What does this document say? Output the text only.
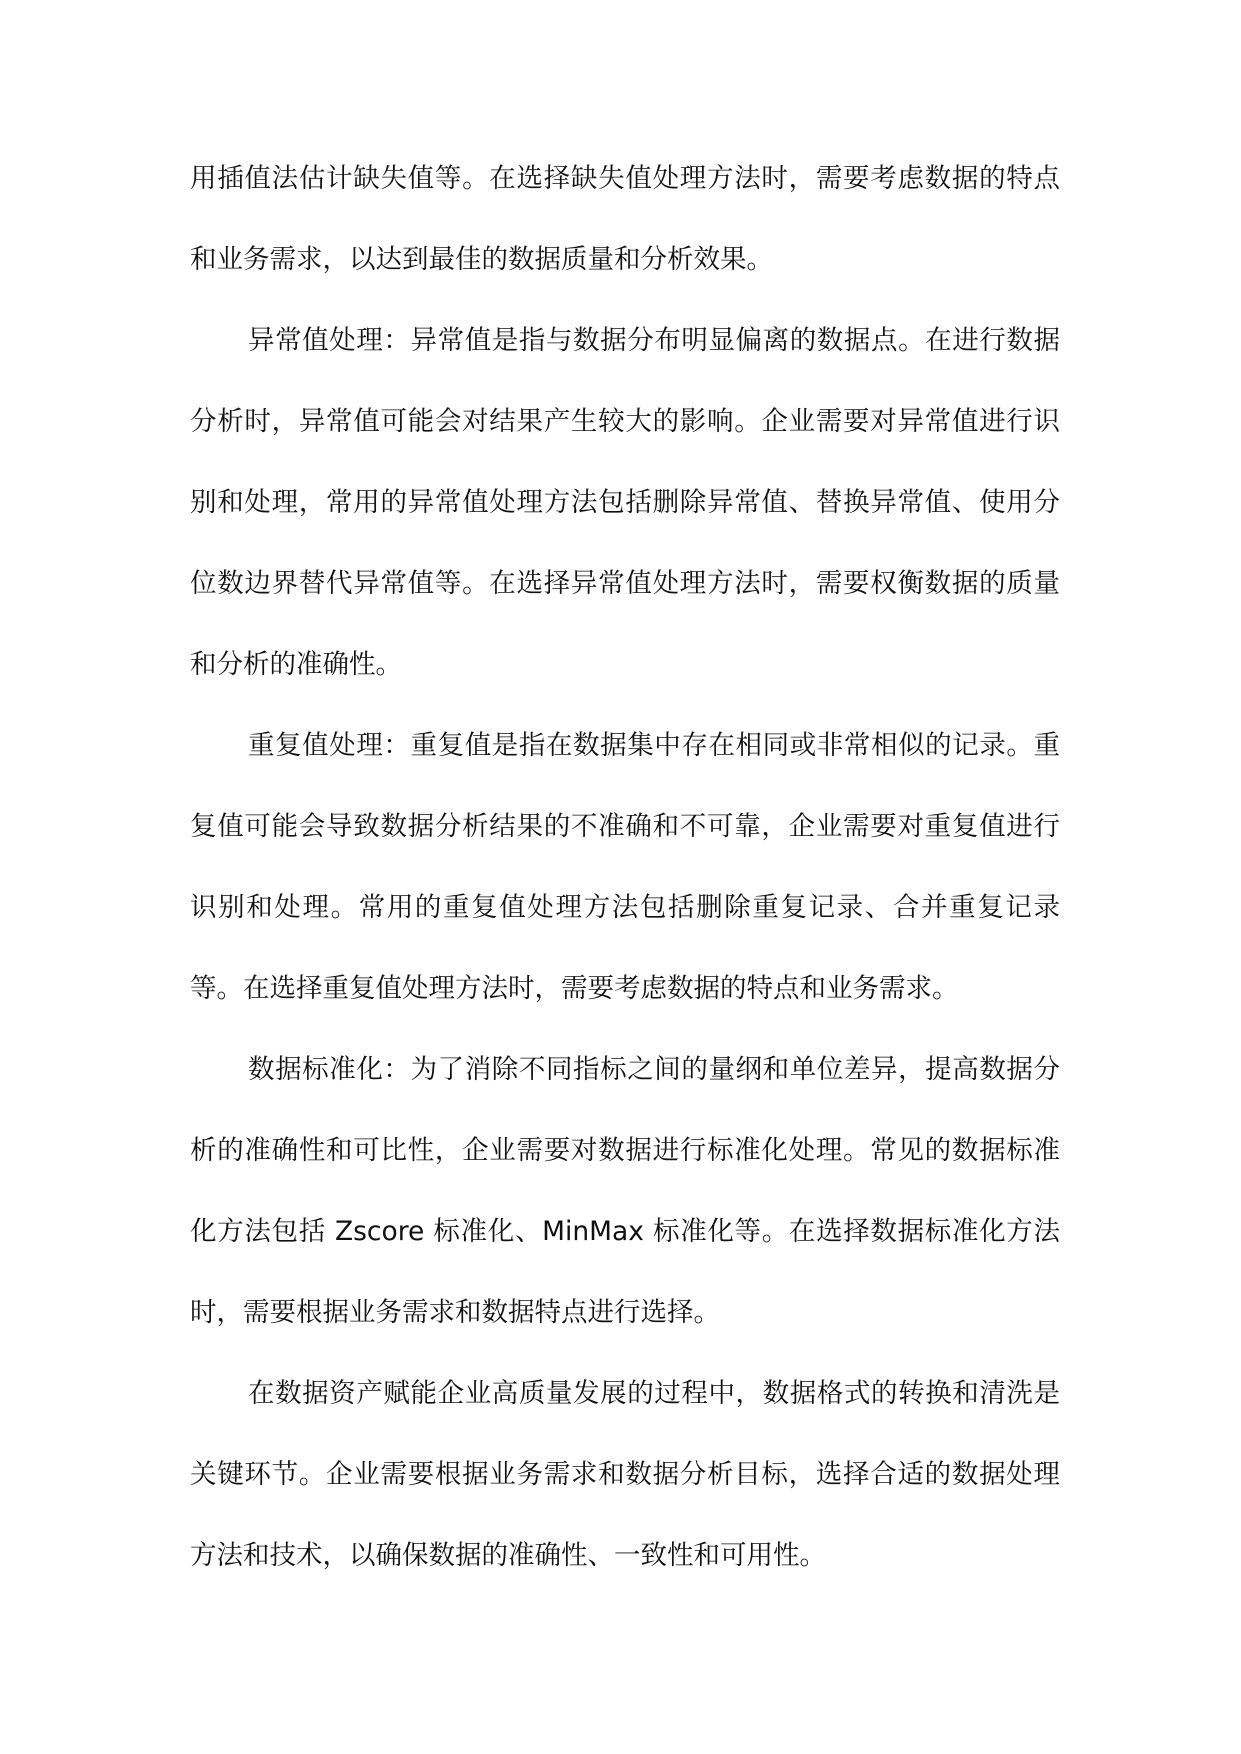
用插值法估计缺失值等。在选择缺失值处理方法时，需要考虑数据的特点和业务需求，以达到最佳的数据质量和分析效果。

异常值处理：异常值是指与数据分布明显偏离的数据点。在进行数据分析时，异常值可能会对结果产生较大的影响。企业需要对异常值进行识别和处理，常用的异常值处理方法包括删除异常值、替换异常值、使用分位数边界替代异常值等。在选择异常值处理方法时，需要权衡数据的质量和分析的准确性。

重复值处理：重复值是指在数据集中存在相同或非常相似的记录。重复值可能会导致数据分析结果的不准确和不可靠，企业需要对重复值进行识别和处理。常用的重复值处理方法包括删除重复记录、合并重复记录等。在选择重复值处理方法时，需要考虑数据的特点和业务需求。

数据标准化：为了消除不同指标之间的量纲和单位差异，提高数据分析的准确性和可比性，企业需要对数据进行标准化处理。常见的数据标准化方法包括 Zscore 标准化、MinMax 标准化等。在选择数据标准化方法时，需要根据业务需求和数据特点进行选择。

在数据资产赋能企业高质量发展的过程中，数据格式的转换和清洗是关键环节。企业需要根据业务需求和数据分析目标，选择合适的数据处理方法和技术，以确保数据的准确性、一致性和可用性。
